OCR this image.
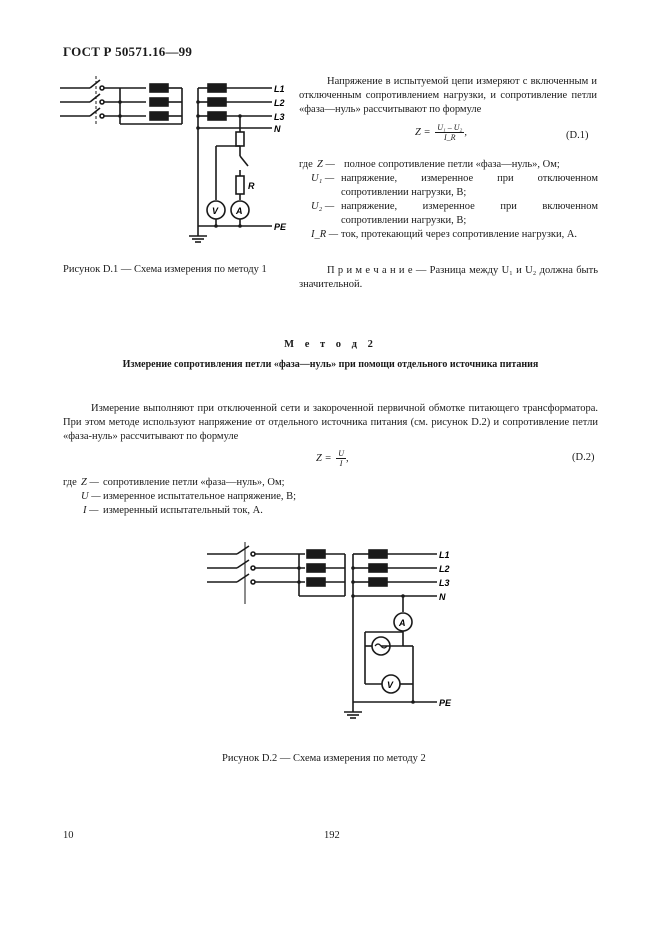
ГОСТ Р 50571.16—99
L1
L2
L3
N
PE
R
V A
Напряжение в испытуемой цепи измеряют с включенным и отключенным сопротивлением нагрузки, и сопротивление петли «фаза—нуль» рассчитывают по формуле
$Z = \frac{\text{U₁ – U₂}}{I\_R}$ ,	(D.1)
где Z — полное сопротивление петли «фаза—нуль», Ом;
U₁ — напряжение, измеренное при отключенном сопротивлении нагрузки, В;
U₂ — напряжение, измеренное при включенном сопротивлении нагрузки, В;
I_R — ток, протекающий через сопротивление нагрузки, А.
Рисунок D.1 — Схема измерения по методу 1	П р и м е ч а н и е — Разница между U₁ и U₂ должна быть значительной.
М е т о д 2
Измерение сопротивления петли «фаза—нуль» при помощи отдельного источника питания
Измерение выполняют при отключенной сети и закороченной первичной обмотке питающего трансформатора. При этом методе используют напряжение от отдельного источника питания (см. рисунок D.2) и сопротивление петли «фаза-нуль» рассчитывают по формуле
$Z = \frac{U}{I}$ ,	(D.2)
где Z — сопротивление петли «фаза—нуль», Ом;
U — измеренное испытательное напряжение, В;
I — измеренный испытательный ток, А.
L1
L2
L3
N
PE
A
V
Рисунок D.2 — Схема измерения по методу 2
10	192
